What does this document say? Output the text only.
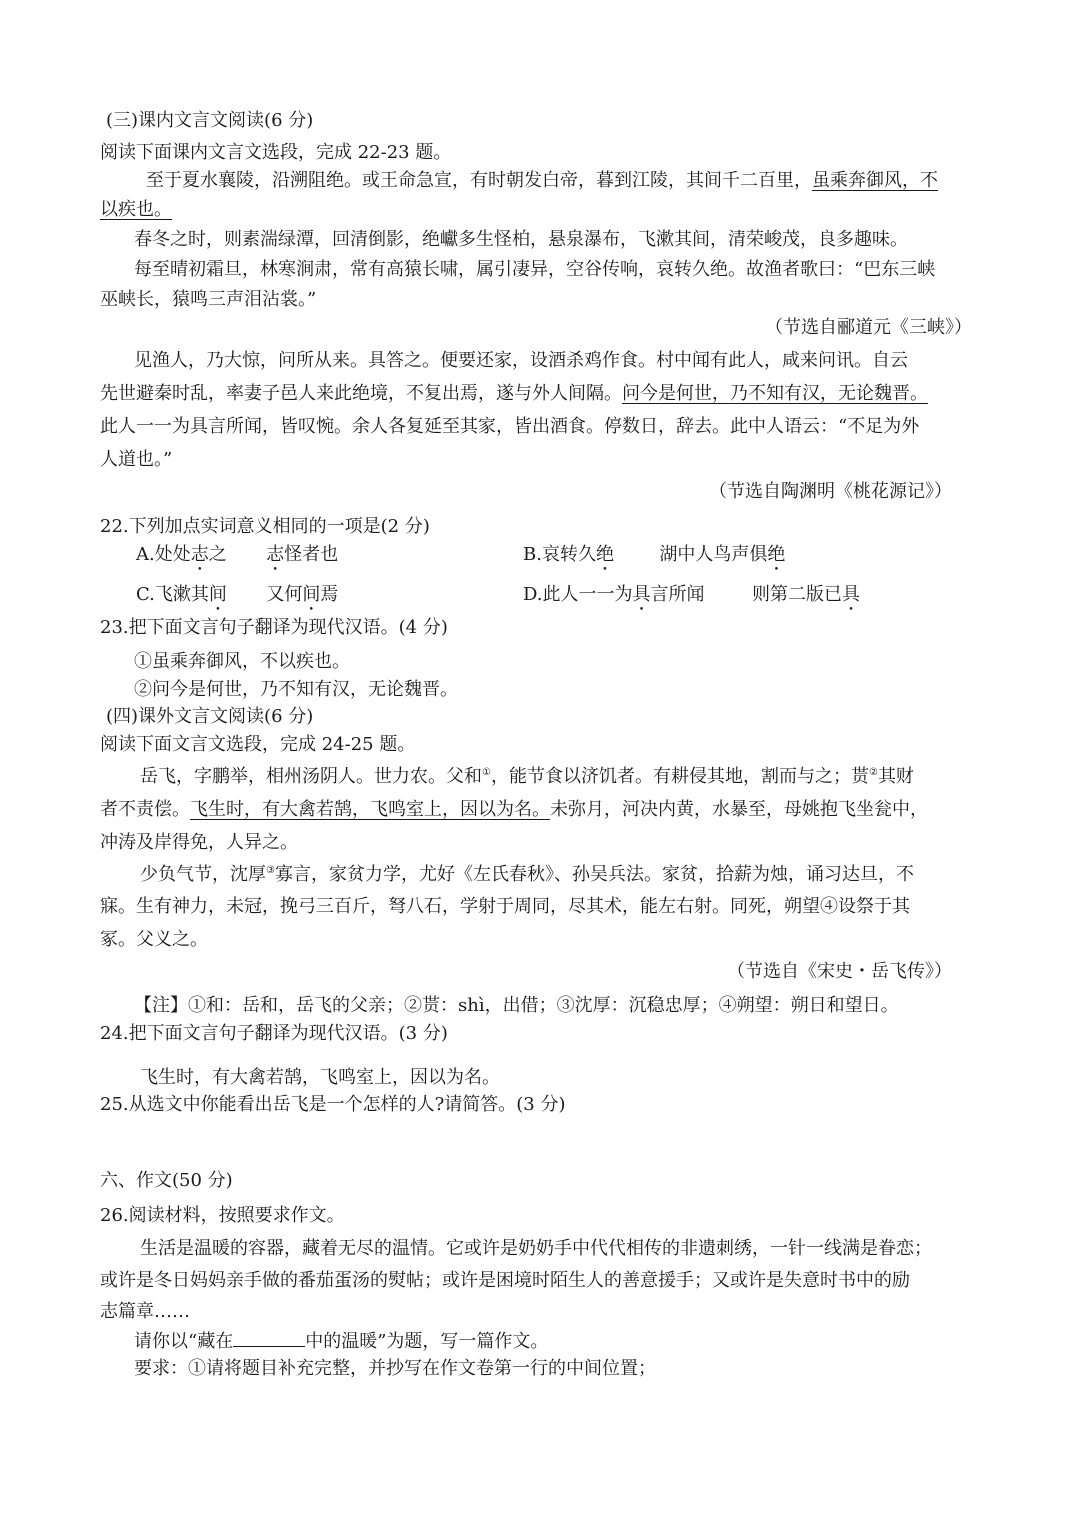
(三)课内文言文阅读(6 分)
阅读下面课内文言文选段，完成 22-23 题。
至于夏水襄陵，沿溯阻绝。或王命急宣，有时朝发白帝，暮到江陵，其间千二百里，虽乘奔御风，不
以疾也。
春冬之时，则素湍绿潭，回清倒影，绝巘多生怪柏，悬泉瀑布，飞漱其间，清荣峻茂，良多趣味。
每至晴初霜旦，林寒涧肃，常有高猿长啸，属引凄异，空谷传响，哀转久绝。故渔者歌曰：“巴东三峡
巫峡长，猿鸣三声泪沾裳。”
（节选自郦道元《三峡》）
见渔人，乃大惊，问所从来。具答之。便要还家，设酒杀鸡作食。村中闻有此人，咸来问讯。自云
先世避秦时乱，率妻子邑人来此绝境，不复出焉，遂与外人间隔。问今是何世，乃不知有汉，无论魏晋。
此人一一为具言所闻，皆叹惋。余人各复延至其家，皆出酒食。停数日，辞去。此中人语云：“不足为外
人道也。”
（节选自陶渊明《桃花源记》）
22.下列加点实词意义相同的一项是(2 分)
A.处处志之 志怪者也	B.哀转久绝	湖中人鸟声俱绝
C.飞漱其间 又何间焉	D.此人一一为具言所闻	则第二版已具
23.把下面文言句子翻译为现代汉语。(4 分)
①虽乘奔御风，不以疾也。
②问今是何世，乃不知有汉，无论魏晋。
(四)课外文言文阅读(6 分)
阅读下面文言文选段，完成 24-25 题。
岳飞，字鹏举，相州汤阴人。世力农。父和①，能节食以济饥者。有耕侵其地，割而与之；贳②其财
者不责偿。飞生时，有大禽若鹄，飞鸣室上，因以为名。未弥月，河决内黄，水暴至，母姚抱飞坐瓮中，
冲涛及岸得免，人异之。
少负气节，沈厚③寡言，家贫力学，尤好《左氏春秋》、孙吴兵法。家贫，拾薪为烛，诵习达旦，不
寐。生有神力，未冠，挽弓三百斤，弩八石，学射于周同，尽其术，能左右射。同死，朔望④设祭于其
冢。父义之。
（节选自《宋史・岳飞传》）
【注】①和：岳和，岳飞的父亲；②贳：shì，出借；③沈厚：沉稳忠厚；④朔望：朔日和望日。
24.把下面文言句子翻译为现代汉语。(3 分)
飞生时，有大禽若鹄，飞鸣室上，因以为名。
25.从选文中你能看出岳飞是一个怎样的人?请简答。(3 分)
六、作文(50 分)
26.阅读材料，按照要求作文。
生活是温暖的容器，藏着无尽的温情。它或许是奶奶手中代代相传的非遗刺绣，一针一线满是眷恋；
或许是冬日妈妈亲手做的番茄蛋汤的熨帖；或许是困境时陌生人的善意援手；又或许是失意时书中的励
志篇章……
请你以“藏在	中的温暖”为题，写一篇作文。
要求：①请将题目补充完整，并抄写在作文卷第一行的中间位置；
